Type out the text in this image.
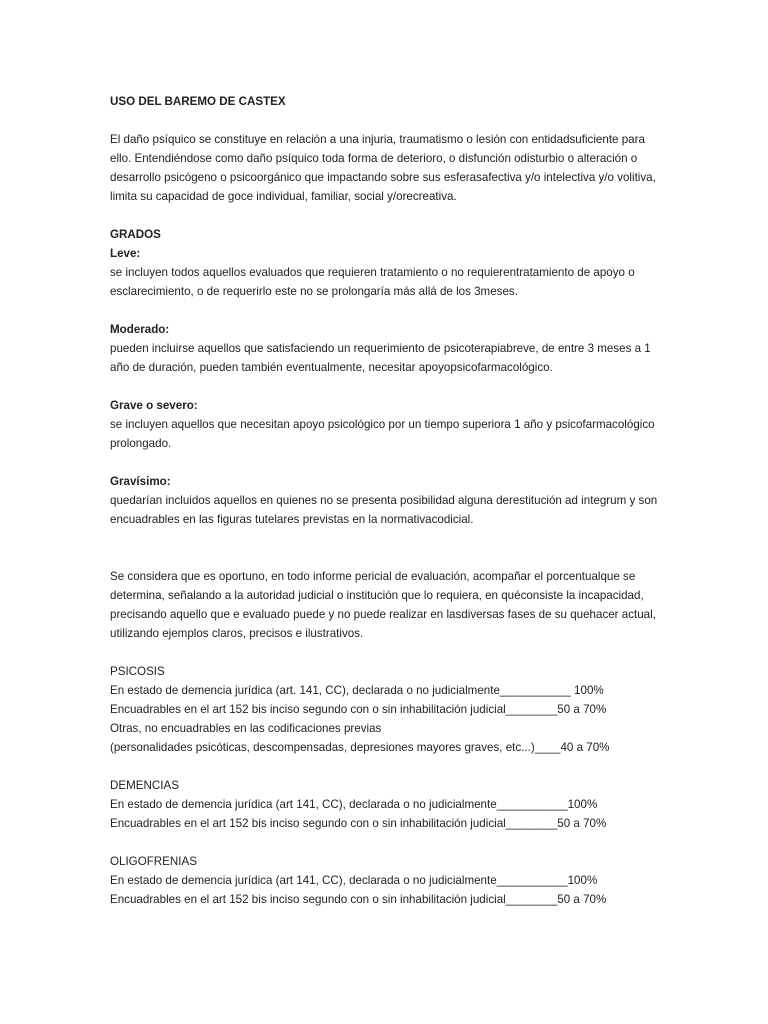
USO DEL BAREMO DE CASTEX

El daño psíquico se constituye en relación a una injuria, traumatismo o lesión con entidadsuficiente para

ello. Entendiéndose como daño psíquico toda forma de deterioro, o disfunción odisturbio o alteración o

desarrollo psicógeno o psicoorgánico que impactando sobre sus esferasafectiva y/o intelectiva y/o volitiva,

limita su capacidad de goce individual, familiar, social y/orecreativa.

GRADOS

Leve:

se incluyen todos aquellos evaluados que requieren tratamiento o no requierentratamiento de apoyo o

esclarecimiento, o de requerirlo este no se prolongaría más allá de los 3meses.

Moderado:

pueden incluirse aquellos que satisfaciendo un requerimiento de psicoterapiabreve, de entre 3 meses a 1

año de duración, pueden también eventualmente, necesitar apoyopsicofarmacológico.

Grave o severo:

se incluyen aquellos que necesitan apoyo psicológico por un tiempo superiora 1 año y psicofarmacológico

prolongado.

Gravísimo:

quedarían incluidos aquellos en quienes no se presenta posibilidad alguna derestitución ad integrum y son

encuadrables en las figuras tutelares previstas en la normativacodicial.

Se considera que es oportuno, en todo informe pericial de evaluación, acompañar el porcentualque se

determina, señalando a la autoridad judicial o institución que lo requiera, en quéconsiste la incapacidad,

precisando aquello que e evaluado puede y no puede realizar en lasdiversas fases de su quehacer actual,

utilizando ejemplos claros, precisos e ilustrativos.

PSICOSIS

En estado de demencia jurídica (art. 141, CC), declarada o no judicialmente___________ 100%

Encuadrables en el art 152 bis inciso segundo con o sin inhabilitación judicial________50 a 70%

Otras, no encuadrables en las codificaciones previas

(personalidades psicóticas, descompensadas, depresiones mayores graves, etc...)____40 a 70%

DEMENCIAS

En estado de demencia jurídica (art 141, CC), declarada o no judicialmente___________100%

Encuadrables en el art 152 bis inciso segundo con o sin inhabilitación judicial________50 a 70%

OLIGOFRENIAS

En estado de demencia jurídica (art 141, CC), declarada o no judicialmente___________100%

Encuadrables en el art 152 bis inciso segundo con o sin inhabilitación judicial________50 a 70%
